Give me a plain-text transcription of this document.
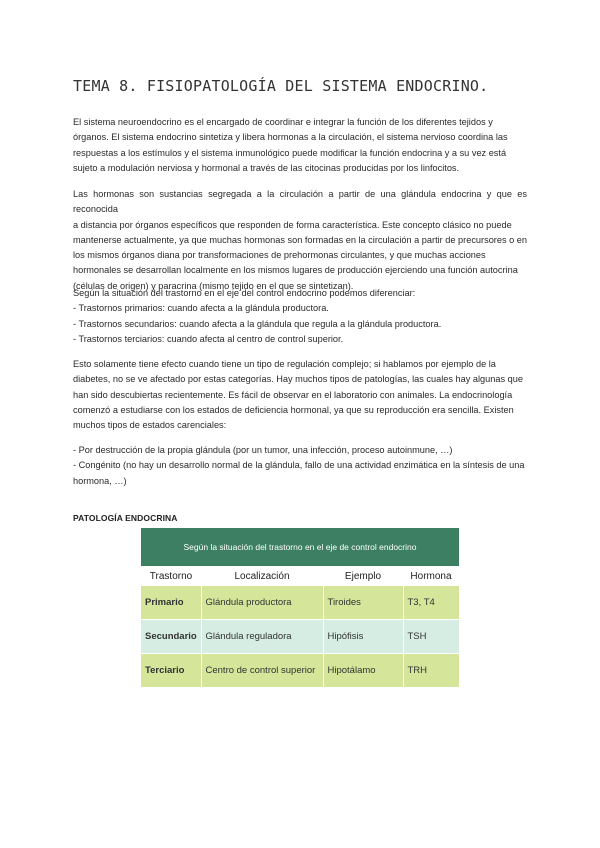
TEMA 8. FISIOPATOLOGÍA DEL SISTEMA ENDOCRINO.
El sistema neuroendocrino es el encargado de coordinar e integrar la función de los diferentes tejidos y
órganos. El sistema endocrino sintetiza y libera hormonas a la circulación, el sistema nervioso coordina las
respuestas a los estímulos y el sistema inmunológico puede modificar la función endocrina y a su vez está
sujeto a modulación nerviosa y hormonal a través de las citocinas producidas por los linfocitos.
Las hormonas son sustancias segregada a la circulación a partir de una glándula endocrina y que es reconocida
a distancia por órganos específicos que responden de forma característica. Este concepto clásico no puede
mantenerse actualmente, ya que muchas hormonas son formadas en la circulación a partir de precursores o en
los mismos órganos diana por transformaciones de prehormonas circulantes, y que muchas acciones
hormonales se desarrollan localmente en los mismos lugares de producción ejerciendo una función autocrina
(células de origen) y paracrina (mismo tejido en el que se sintetizan).
Según la situación del trastorno en el eje del control endocrino podemos diferenciar:
- Trastornos primarios: cuando afecta a la glándula productora.
- Trastornos secundarios: cuando afecta a la glándula que regula a la glándula productora.
- Trastornos terciarios: cuando afecta al centro de control superior.
Esto solamente tiene efecto cuando tiene un tipo de regulación complejo; si hablamos por ejemplo de la
diabetes, no se ve afectado por estas categorías. Hay muchos tipos de patologías, las cuales hay algunas que
han sido descubiertas recientemente. Es fácil de observar en el laboratorio con animales. La endocrinología
comenzó a estudiarse con los estados de deficiencia hormonal, ya que su reproducción era sencilla. Existen
muchos tipos de estados carenciales:
- Por destrucción de la propia glándula (por un tumor, una infección, proceso autoinmune, …)
- Congénito (no hay un desarrollo normal de la glándula, fallo de una actividad enzimática en la síntesis de una
hormona, …)
PATOLOGÍA ENDOCRINA
Según la situación del trastorno en el eje de control endocrino
Trastorno	Localización	Ejemplo	Hormona
Primario	Glándula productora	Tiroides	T3, T4
Secundario	Glándula reguladora	Hipófisis	TSH
Terciario	Centro de control superior	Hipotálamo	TRH
